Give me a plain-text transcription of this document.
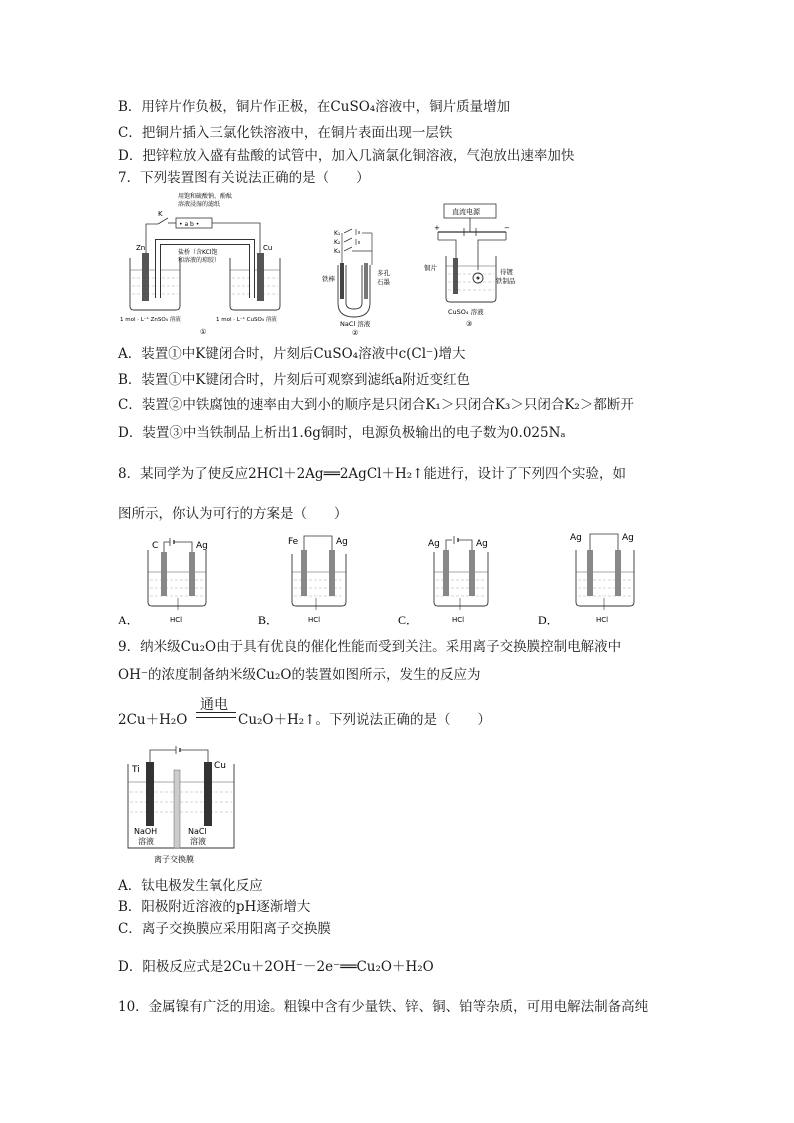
B．用锌片作负极，铜片作正极，在CuSO₄溶液中，铜片质量增加
C．把铜片插入三氯化铁溶液中，在铜片表面出现一层铁
D．把锌粒放入盛有盐酸的试管中，加入几滴氯化铜溶液，气泡放出速率加快
7．下列装置图有关说法正确的是（　　）
用饱和硫酸钠、酚酞
溶液浸湿的滤纸
K
• a b •
Zn	Cu
盐桥（含KCl饱
和溶液的琼胶）
1 mol · L⁻¹ ZnSO₄ 溶液	1 mol · L⁻¹ CuSO₄ 溶液
①
K₁
K₂
K₃
铁棒
多孔
石墨
NaCl 溶液
②
直流电源
+	−
铜片	待镀
铁制品
CuSO₄ 溶液
③
A．装置①中K键闭合时，片刻后CuSO₄溶液中c(Cl⁻)增大
B．装置①中K键闭合时，片刻后可观察到滤纸a附近变红色
C．装置②中铁腐蚀的速率由大到小的顺序是只闭合K₁＞只闭合K₃＞只闭合K₂＞都断开
D．装置③中当铁制品上析出1.6g铜时，电源负极输出的电子数为0.025Nₐ
8．某同学为了使反应2HCl＋2Ag══2AgCl＋H₂↑能进行，设计了下列四个实验，如
图所示，你认为可行的方案是（　　）
A．
C	Ag
HCl	B．
Fe	Ag
HCl	C．
Ag	Ag
HCl	D．
Ag	Ag
HCl
9．纳米级Cu₂O由于具有优良的催化性能而受到关注。采用离子交换膜控制电解液中
OH⁻的浓度制备纳米级Cu₂O的装置如图所示，发生的反应为
2Cu＋H₂O
通电
Cu₂O＋H₂↑。下列说法正确的是（　　）
Ti	Cu
NaOH
溶液
NaCl
溶液
离子交换膜
A．钛电极发生氧化反应
B．阳极附近溶液的pH逐渐增大
C．离子交换膜应采用阳离子交换膜
D．阳极反应式是2Cu＋2OH⁻－2e⁻══Cu₂O＋H₂O
10．金属镍有广泛的用途。粗镍中含有少量铁、锌、铜、铂等杂质，可用电解法制备高纯
